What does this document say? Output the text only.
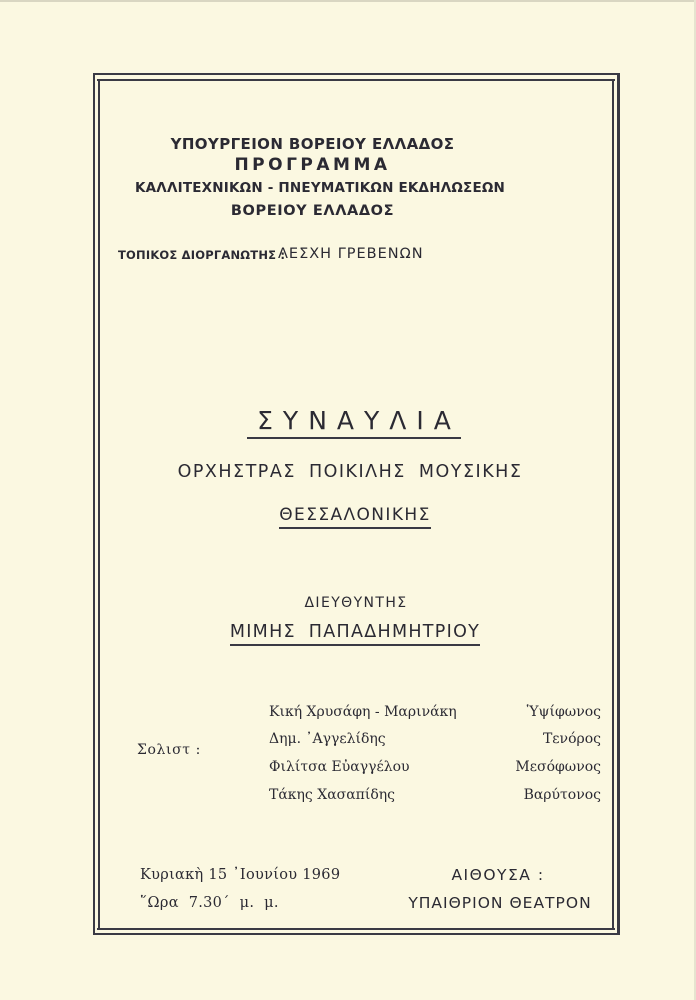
ΥΠΟΥΡΓΕΙΟΝ ΒΟΡΕΙΟΥ ΕΛΛΑΔΟΣ
ΠΡΟΓΡΑΜΜΑ
ΚΑΛΛΙΤΕΧΝΙΚΩΝ - ΠΝΕΥΜΑΤΙΚΩΝ ΕΚΔΗΛΩΣΕΩΝ
ΒΟΡΕΙΟΥ ΕΛΛΑΔΟΣ
ΤΟΠΙΚΟΣ ΔΙΟΡΓΑΝΩΤΗΣ :
ΛΕΣΧΗ ΓΡΕΒΕΝΩΝ
ΣΥΝΑΥΛΙΑ
ΟΡΧΗΣΤΡΑΣ ΠΟΙΚΙΛΗΣ ΜΟΥΣΙΚΗΣ
ΘΕΣΣΑΛΟΝΙΚΗΣ
ΔΙΕΥΘΥΝΤΗΣ
ΜΙΜΗΣ ΠΑΠΑΔΗΜΗΤΡΙΟΥ
Σολιστ :
Κική Χρυσάφη - Μαρινάκη	Ὑψίφωνος
Δημ. ᾿Αγγελίδης	Τενόρος
Φιλίτσα Εὐαγγέλου	Μεσόφωνος
Τάκης Χασαπίδης	Βαρύτονος
Κυριακὴ 15 ᾿Ιουνίου 1969
῞Ωρα 7.30΄ μ. μ.
ΑΙΘΟΥΣΑ :
ΥΠΑΙΘΡΙΟΝ ΘΕΑΤΡΟΝ
